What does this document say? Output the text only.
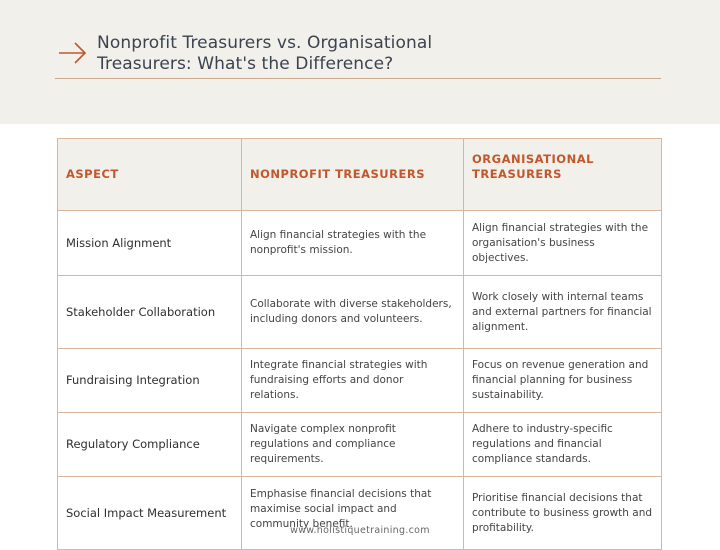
Nonprofit Treasurers vs. Organisational
Treasurers: What's the Difference?
ASPECT	NONPROFIT TREASURERS	ORGANISATIONAL TREASURERS
Mission Alignment	Align financial strategies with the nonprofit's mission.	Align financial strategies with the organisation's business objectives.
Stakeholder Collaboration	Collaborate with diverse stakeholders, including donors and volunteers.	Work closely with internal teams and external partners for financial alignment.
Fundraising Integration	Integrate financial strategies with fundraising efforts and donor relations.	Focus on revenue generation and financial planning for business sustainability.
Regulatory Compliance	Navigate complex nonprofit regulations and compliance requirements.	Adhere to industry-specific regulations and financial compliance standards.
Social Impact Measurement	Emphasise financial decisions that maximise social impact and community benefit.	Prioritise financial decisions that contribute to business growth and profitability.
www.holistiquetraining.com
